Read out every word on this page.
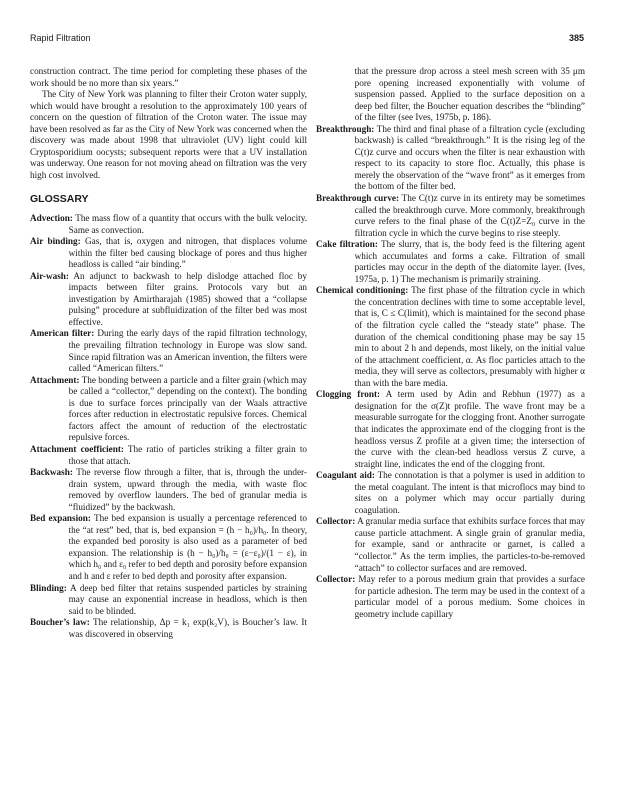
Rapid Filtration	385

construction contract. The time period for completing these phases of the work should be no more than six years.”

The City of New York was planning to filter their Croton water supply, which would have brought a resolution to the approximately 100 years of concern on the question of filtration of the Croton water. The issue may have been resolved as far as the City of New York was concerned when the discovery was made about 1998 that ultraviolet (UV) light could kill Cryptosporidium oocysts; subsequent reports were that a UV installation was underway. One reason for not moving ahead on filtration was the very high cost involved.

GLOSSARY

Advection: The mass flow of a quantity that occurs with the bulk velocity. Same as convection.

Air binding: Gas, that is, oxygen and nitrogen, that displaces volume within the filter bed causing blockage of pores and thus higher headloss is called “air binding.”

Air-wash: An adjunct to backwash to help dislodge attached floc by impacts between filter grains. Protocols vary but an investigation by Amirtharajah (1985) showed that a “collapse pulsing” procedure at subfluidization of the filter bed was most effective.

American filter: During the early days of the rapid filtration technology, the prevailing filtration technology in Europe was slow sand. Since rapid filtration was an American invention, the filters were called “American filters.”

Attachment: The bonding between a particle and a filter grain (which may be called a “collector,” depending on the context). The bonding is due to surface forces principally van der Waals attractive forces after reduction in electrostatic repulsive forces. Chemical factors affect the amount of reduction of the electrostatic repulsive forces.

Attachment coefficient: The ratio of particles striking a filter grain to those that attach.

Backwash: The reverse flow through a filter, that is, through the under-drain system, upward through the media, with waste floc removed by overflow launders. The bed of granular media is “fluidized” by the backwash.

Bed expansion: The bed expansion is usually a percentage referenced to the “at rest” bed, that is, bed expansion = (h − h₀)/h₀. In theory, the expanded bed porosity is also used as a parameter of bed expansion. The relationship is (h − h₀)/h₀ = (ε−ε₀)/(1 − ε), in which h₀ and ε₀ refer to bed depth and porosity before expansion and h and ε refer to bed depth and porosity after expansion.

Blinding: A deep bed filter that retains suspended particles by straining may cause an exponential increase in headloss, which is then said to be blinded.

Boucher’s law: The relationship, Δp = k₁ exp(k₂V), is Boucher’s law. It was discovered in observing

that the pressure drop across a steel mesh screen with 35 μm pore opening increased exponentially with volume of suspension passed. Applied to the surface deposition on a deep bed filter, the Boucher equation describes the “blinding” of the filter (see Ives, 1975b, p. 186).

Breakthrough: The third and final phase of a filtration cycle (excluding backwash) is called “breakthrough.” It is the rising leg of the C(t)ᴢ curve and occurs when the filter is near exhaustion with respect to its capacity to store floc. Actually, this phase is merely the observation of the “wave front” as it emerges from the bottom of the filter bed.

Breakthrough curve: The C(t)ᴢ curve in its entirety may be sometimes called the breakthrough curve. More commonly, breakthrough curve refers to the final phase of the C(t)Z=Z₀ curve in the filtration cycle in which the curve begins to rise steeply.

Cake filtration: The slurry, that is, the body feed is the filtering agent which accumulates and forms a cake. Filtration of small particles may occur in the depth of the diatomite layer. (Ives, 1975a, p. 1) The mechanism is primarily straining.

Chemical conditioning: The first phase of the filtration cycle in which the concentration declines with time to some acceptable level, that is, C ≤ C(limit), which is maintained for the second phase of the filtration cycle called the “steady state” phase. The duration of the chemical conditioning phase may be say 15 min to about 2 h and depends, most likely, on the initial value of the attachment coefficient, α. As floc particles attach to the media, they will serve as collectors, presumably with higher α than with the bare media.

Clogging front: A term used by Adin and Rebhun (1977) as a designation for the σ(Z)t profile. The wave front may be a measurable surrogate for the clogging front. Another surrogate that indicates the approximate end of the clogging front is the headloss versus Z profile at a given time; the intersection of the curve with the clean-bed headloss versus Z curve, a straight line, indicates the end of the clogging front.

Coagulant aid: The connotation is that a polymer is used in addition to the metal coagulant. The intent is that microflocs may bind to sites on a polymer which may occur partially during coagulation.

Collector: A granular media surface that exhibits surface forces that may cause particle attachment. A single grain of granular media, for example, sand or anthracite or garnet, is called a “collector.” As the term implies, the particles-to-be-removed “attach” to collector surfaces and are removed.

Collector: May refer to a porous medium grain that provides a surface for particle adhesion. The term may be used in the context of a particular model of a porous medium. Some choices in geometry include capillary
